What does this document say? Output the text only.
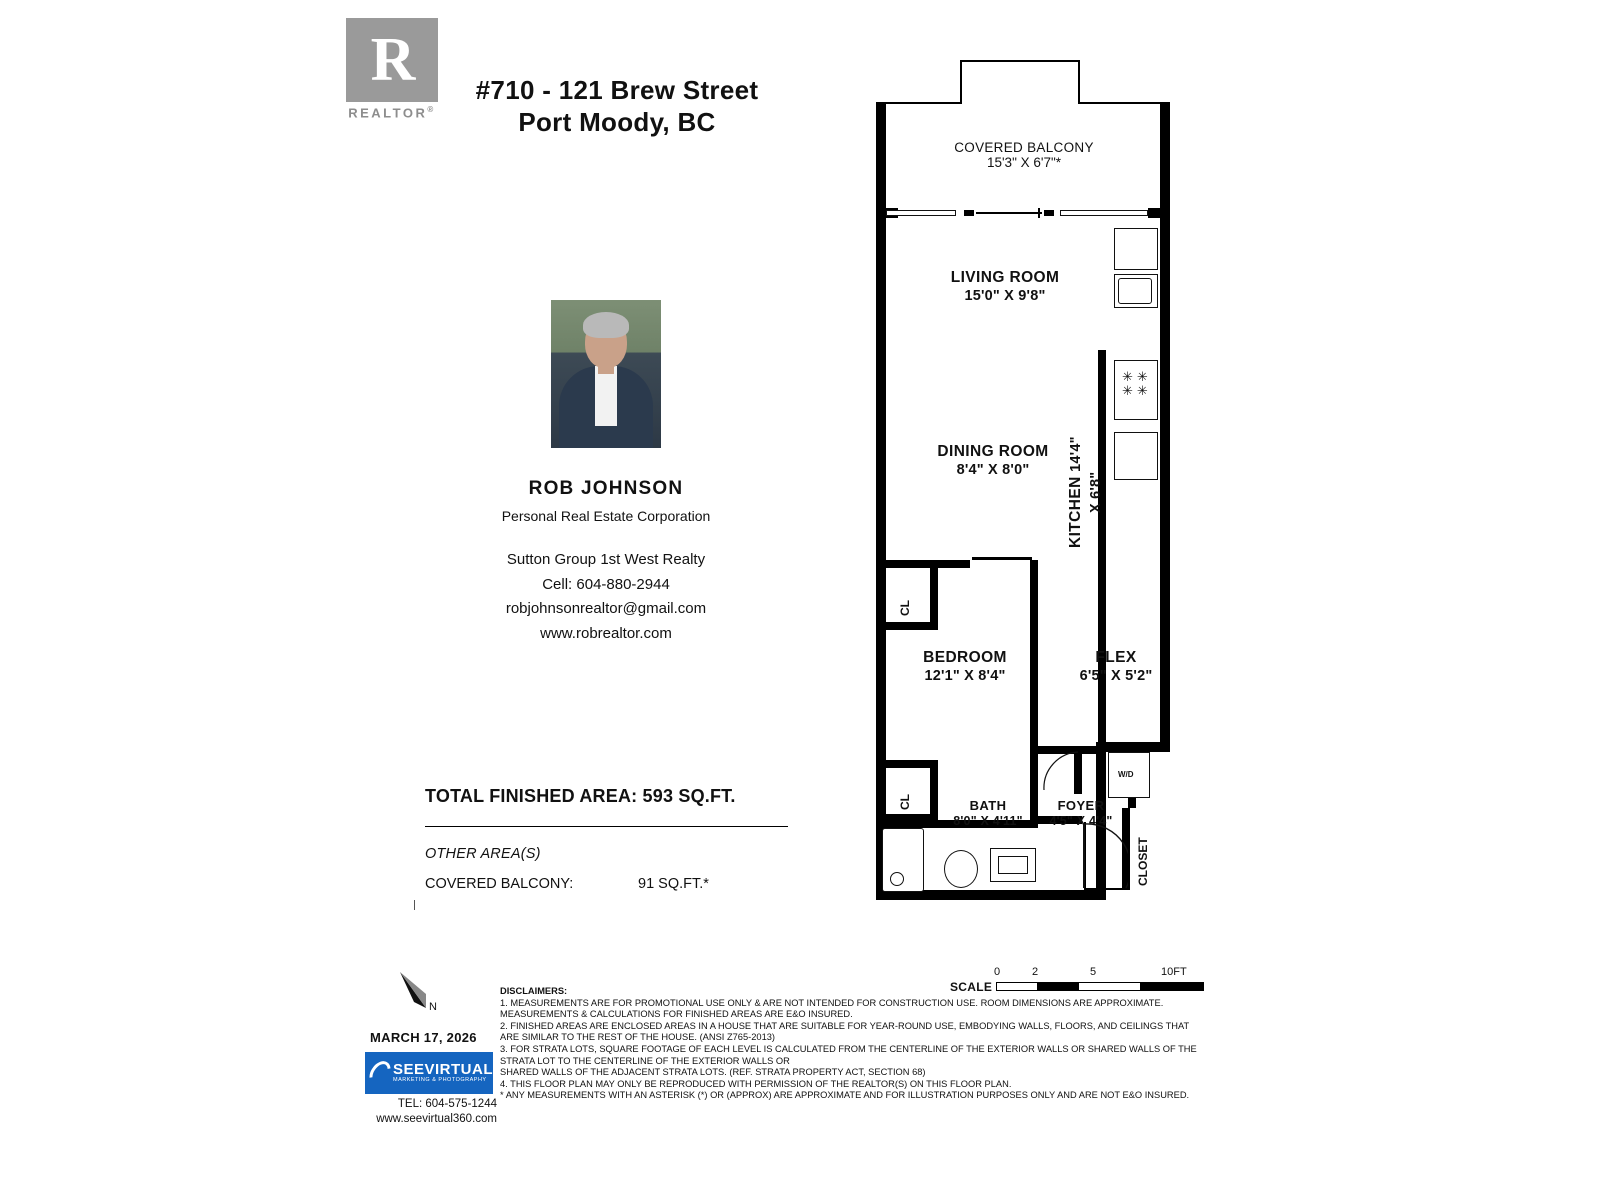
R
REALTOR®
#710 - 121 Brew Street
Port Moody, BC
ROB JOHNSON
Personal Real Estate Corporation
Sutton Group 1st West Realty
Cell: 604-880-2944
robjohnsonrealtor@gmail.com
www.robrealtor.com
TOTAL FINISHED AREA: 593 SQ.FT.
OTHER AREA(S)
COVERED BALCONY:	91 SQ.FT.*
N
MARCH 17, 2026
SEEVIRTUAL
MARKETING & PHOTOGRAPHY
TEL: 604-575-1244
www.seevirtual360.com

DISCLAIMERS:

1. MEASUREMENTS ARE FOR PROMOTIONAL USE ONLY & ARE NOT INTENDED FOR CONSTRUCTION USE. ROOM DIMENSIONS ARE APPROXIMATE. MEASUREMENTS & CALCULATIONS FOR FINISHED AREAS ARE E&O INSURED.

2. FINISHED AREAS ARE ENCLOSED AREAS IN A HOUSE THAT ARE SUITABLE FOR YEAR-ROUND USE, EMBODYING WALLS, FLOORS, AND CEILINGS THAT ARE SIMILAR TO THE REST OF THE HOUSE. (ANSI Z765-2013)

3. FOR STRATA LOTS, SQUARE FOOTAGE OF EACH LEVEL IS CALCULATED FROM THE CENTERLINE OF THE EXTERIOR WALLS OR SHARED WALLS OF THE STRATA LOT TO THE CENTERLINE OF THE EXTERIOR WALLS OR

SHARED WALLS OF THE ADJACENT STRATA LOTS. (REF. STRATA PROPERTY ACT, SECTION 68)

4. THIS FLOOR PLAN MAY ONLY BE REPRODUCED WITH PERMISSION OF THE REALTOR(S) ON THIS FLOOR PLAN.

* ANY MEASUREMENTS WITH AN ASTERISK (*) OR (APPROX) ARE APPROXIMATE AND FOR ILLUSTRATION PURPOSES ONLY AND ARE NOT E&O INSURED.

SCALE
0	2	5	10FT
✳✳
✳✳
W/D
COVERED BALCONY
15'3" X 6'7"*
LIVING ROOM
15'0" X 9'8"
DINING ROOM
8'4" X 8'0"
KITCHEN 14'4" X 6'8"
BEDROOM
12'1" X 8'4"
FLEX
6'5" X 5'2"
BATH
8'0" X 4'11"
FOYER
4'5" X 4'4"
CL
CL
CLOSET
